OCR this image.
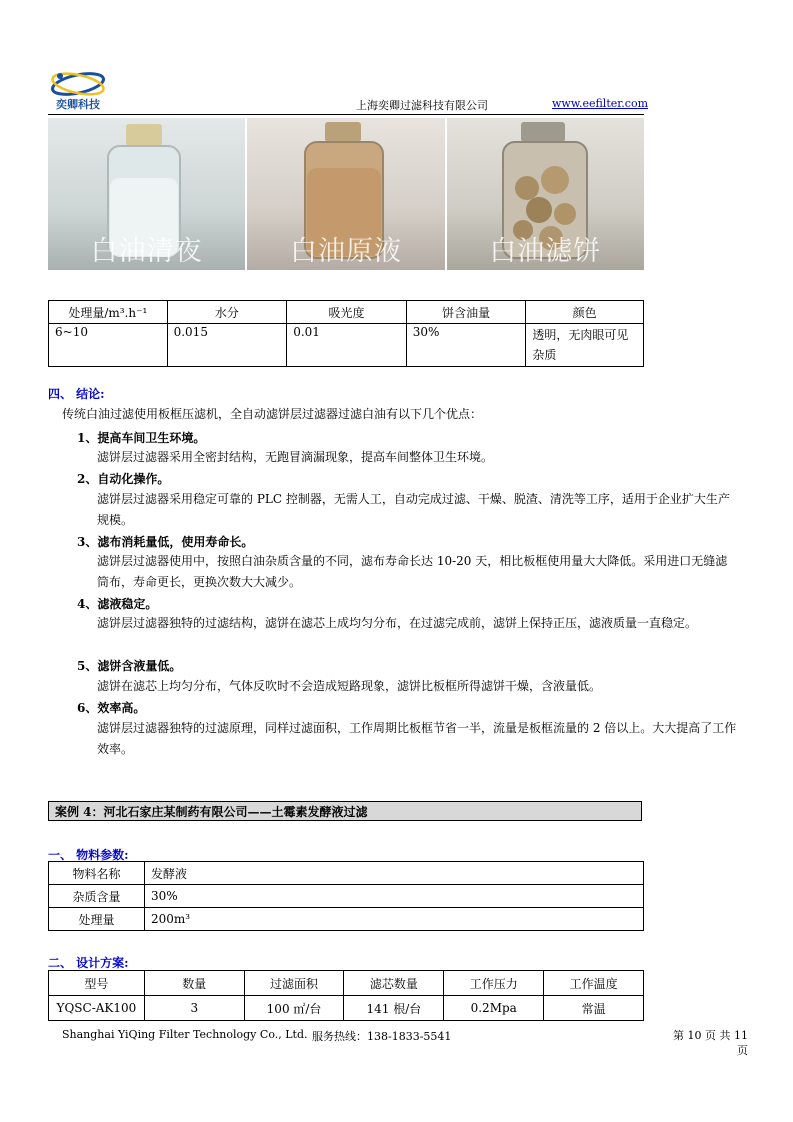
奕卿科技	上海奕卿过滤科技有限公司	www.eefilter.com
白油清夜	白油原液	白油滤饼
处理量/m³.h⁻¹	水分	吸光度	饼含油量	颜色
6~10	0.015	0.01	30%	透明，无肉眼可见杂质
四、 结论:
传统白油过滤使用板框压滤机，全自动滤饼层过滤器过滤白油有以下几个优点：
1、提高车间卫生环境。
滤饼层过滤器采用全密封结构，无跑冒滴漏现象，提高车间整体卫生环境。
2、自动化操作。
滤饼层过滤器采用稳定可靠的 PLC 控制器，无需人工，自动完成过滤、干燥、脱渣、清洗等工序，适用于企业扩大生产规模。
3、滤布消耗量低，使用寿命长。
滤饼层过滤器使用中，按照白油杂质含量的不同，滤布寿命长达 10-20 天，相比板框使用量大大降低。采用进口无缝滤筒布，寿命更长，更换次数大大减少。
4、滤液稳定。
滤饼层过滤器独特的过滤结构，滤饼在滤芯上成均匀分布，在过滤完成前，滤饼上保持正压，滤液质量一直稳定。
5、滤饼含液量低。
滤饼在滤芯上均匀分布，气体反吹时不会造成短路现象，滤饼比板框所得滤饼干燥，含液量低。
6、效率高。
滤饼层过滤器独特的过滤原理，同样过滤面积，工作周期比板框节省一半，流量是板框流量的 2 倍以上。大大提高了工作效率。
案例 4：河北石家庄某制药有限公司——土霉素发酵液过滤
一、 物料参数:
物料名称	发酵液
杂质含量	30%
处理量	200m³
二、 设计方案:
型号	数量	过滤面积	滤芯数量	工作压力	工作温度
YQSC-AK100	3	100 ㎡/台	141 根/台	0.2Mpa	常温
Shanghai YiQing Filter Technology Co., Ltd. 服务热线：138-1833-5541	第 10 页 共 11 页
